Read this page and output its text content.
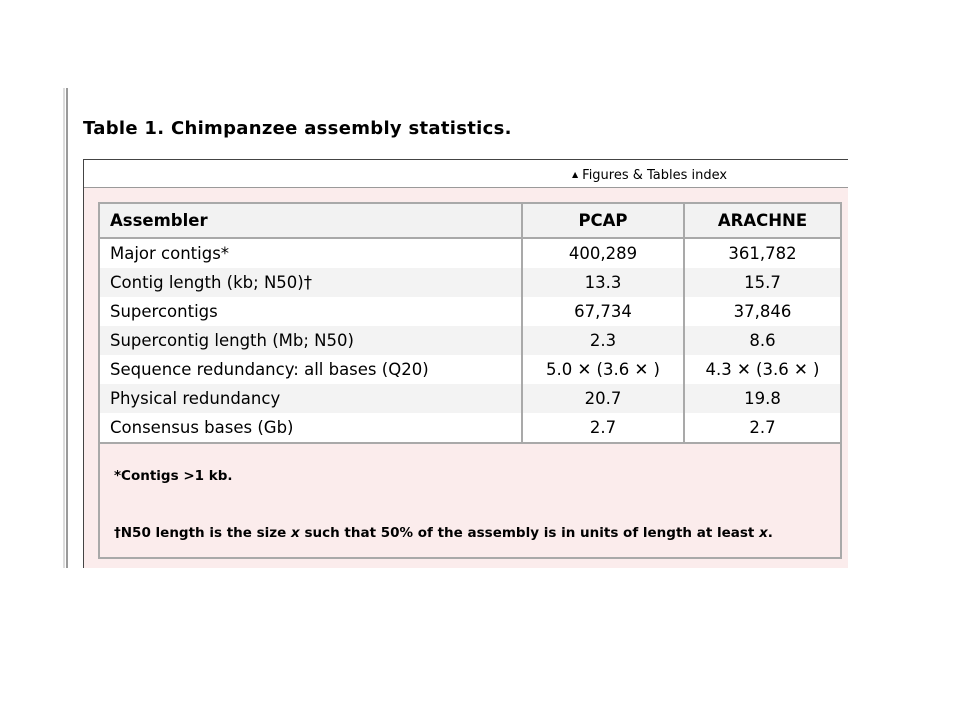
Table 1. Chimpanzee assembly statistics.
▲ Figures & Tables index
Assembler	PCAP	ARACHNE
Major contigs*	400,289	361,782
Contig length (kb; N50)†	13.3	15.7
Supercontigs	67,734	37,846
Supercontig length (Mb; N50)	2.3	8.6
Sequence redundancy: all bases (Q20)	5.0 ✕ (3.6 ✕ )	4.3 ✕ (3.6 ✕ )
Physical redundancy	20.7	19.8
Consensus bases (Gb)	2.7	2.7
*Contigs >1 kb.
†N50 length is the size x such that 50% of the assembly is in units of length at least x.
